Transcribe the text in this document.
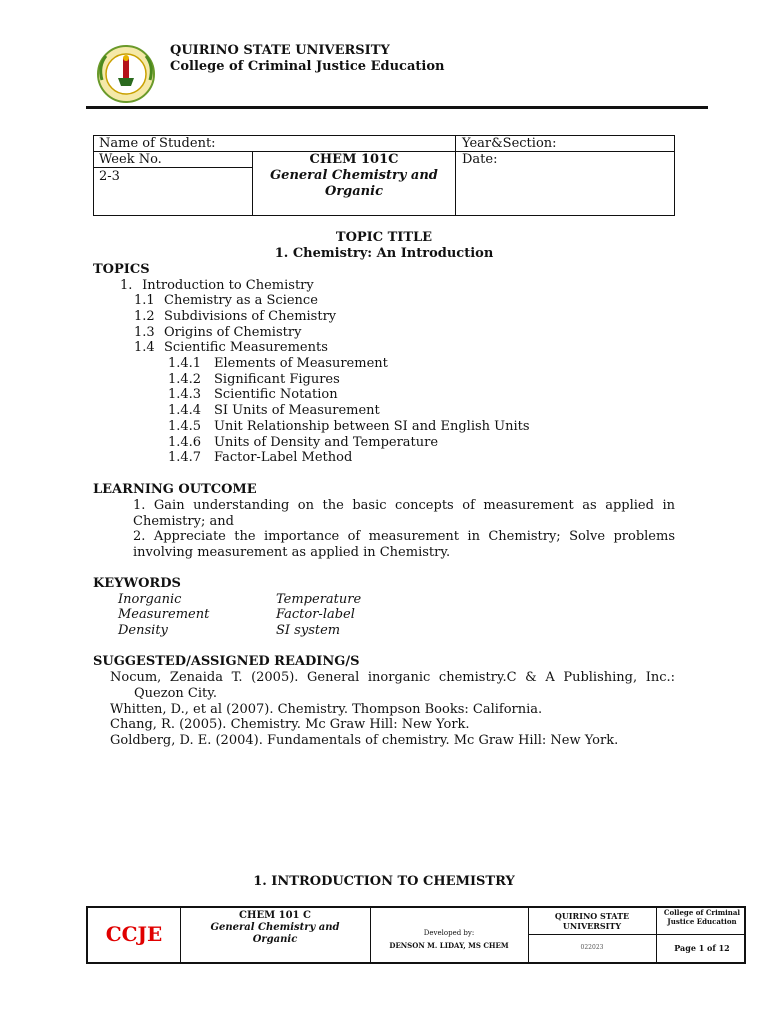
QUIRINO STATE UNIVERSITY
College of Criminal Justice Education
Name of Student:	Year&Section:
Week No.
2-3
CHEM 101C
General Chemistry and Organic
Date:
TOPIC TITLE
1. Chemistry: An Introduction
TOPICS
1. Introduction to Chemistry
1.1 Chemistry as a Science
1.2 Subdivisions of Chemistry
1.3 Origins of Chemistry
1.4 Scientific Measurements
1.4.1 Elements of Measurement
1.4.2 Significant Figures
1.4.3 Scientific Notation
1.4.4 SI Units of Measurement
1.4.5 Unit Relationship between SI and English Units
1.4.6 Units of Density and Temperature
1.4.7 Factor-Label Method
LEARNING OUTCOME
1. Gain understanding on the basic concepts of measurement as applied in Chemistry; and
2. Appreciate the importance of measurement in Chemistry; Solve problems involving measurement as applied in Chemistry.
KEYWORDS
Inorganic
Measurement
Density
Temperature
Factor-label
SI system
SUGGESTED/ASSIGNED READING/S
Nocum, Zenaida T. (2005). General inorganic chemistry.C & A Publishing, Inc.: Quezon City.
Whitten, D., et al (2007). Chemistry. Thompson Books: California.
Chang, R. (2005). Chemistry. Mc Graw Hill: New York.
Goldberg, D. E. (2004). Fundamentals of chemistry. Mc Graw Hill: New York.
1. INTRODUCTION TO CHEMISTRY
CCJE
CHEM 101 C
General Chemistry and Organic
Developed by:
DENSON M. LIDAY, MS CHEM
QUIRINO STATE UNIVERSITY
022023
College of Criminal Justice Education
Page 1 of 12
